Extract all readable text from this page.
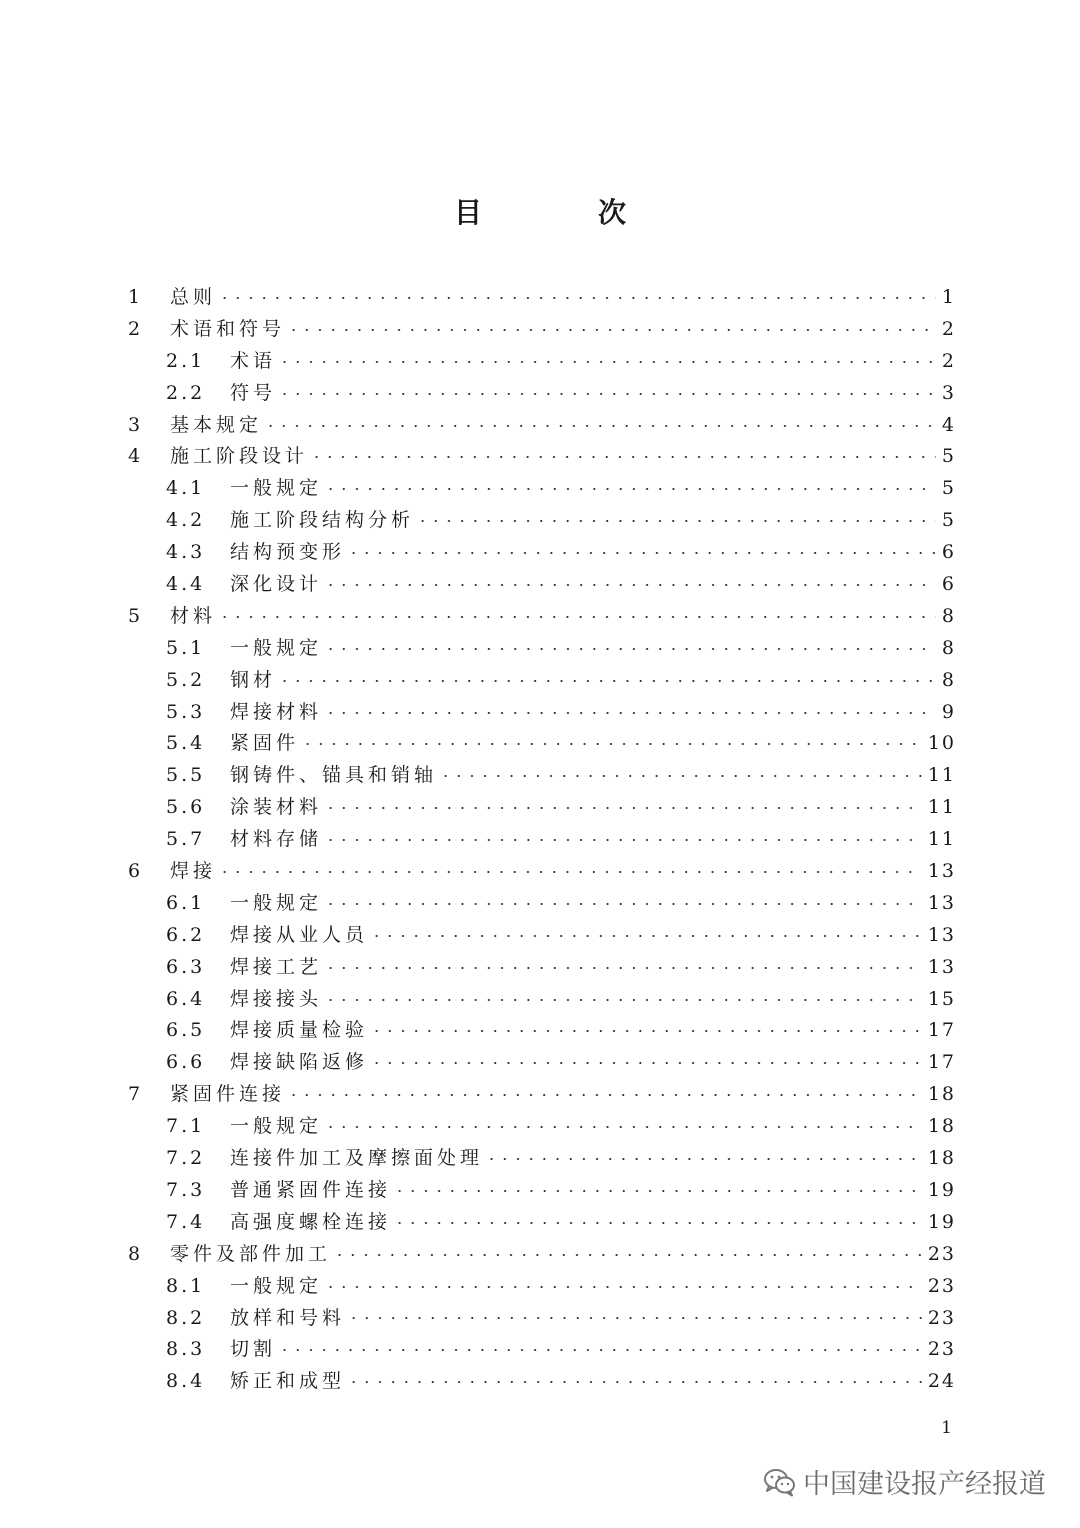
目　次
1	总则	1
2	术语和符号	2
2.1	术语	2
2.2	符号	3
3	基本规定	4
4	施工阶段设计	5
4.1	一般规定	5
4.2	施工阶段结构分析	5
4.3	结构预变形	6
4.4	深化设计	6
5	材料	8
5.1	一般规定	8
5.2	钢材	8
5.3	焊接材料	9
5.4	紧固件	10
5.5	钢铸件、锚具和销轴	11
5.6	涂装材料	11
5.7	材料存储	11
6	焊接	13
6.1	一般规定	13
6.2	焊接从业人员	13
6.3	焊接工艺	13
6.4	焊接接头	15
6.5	焊接质量检验	17
6.6	焊接缺陷返修	17
7	紧固件连接	18
7.1	一般规定	18
7.2	连接件加工及摩擦面处理	18
7.3	普通紧固件连接	19
7.4	高强度螺栓连接	19
8	零件及部件加工	23
8.1	一般规定	23
8.2	放样和号料	23
8.3	切割	23
8.4	矫正和成型	24
1
中国建设报产经报道
